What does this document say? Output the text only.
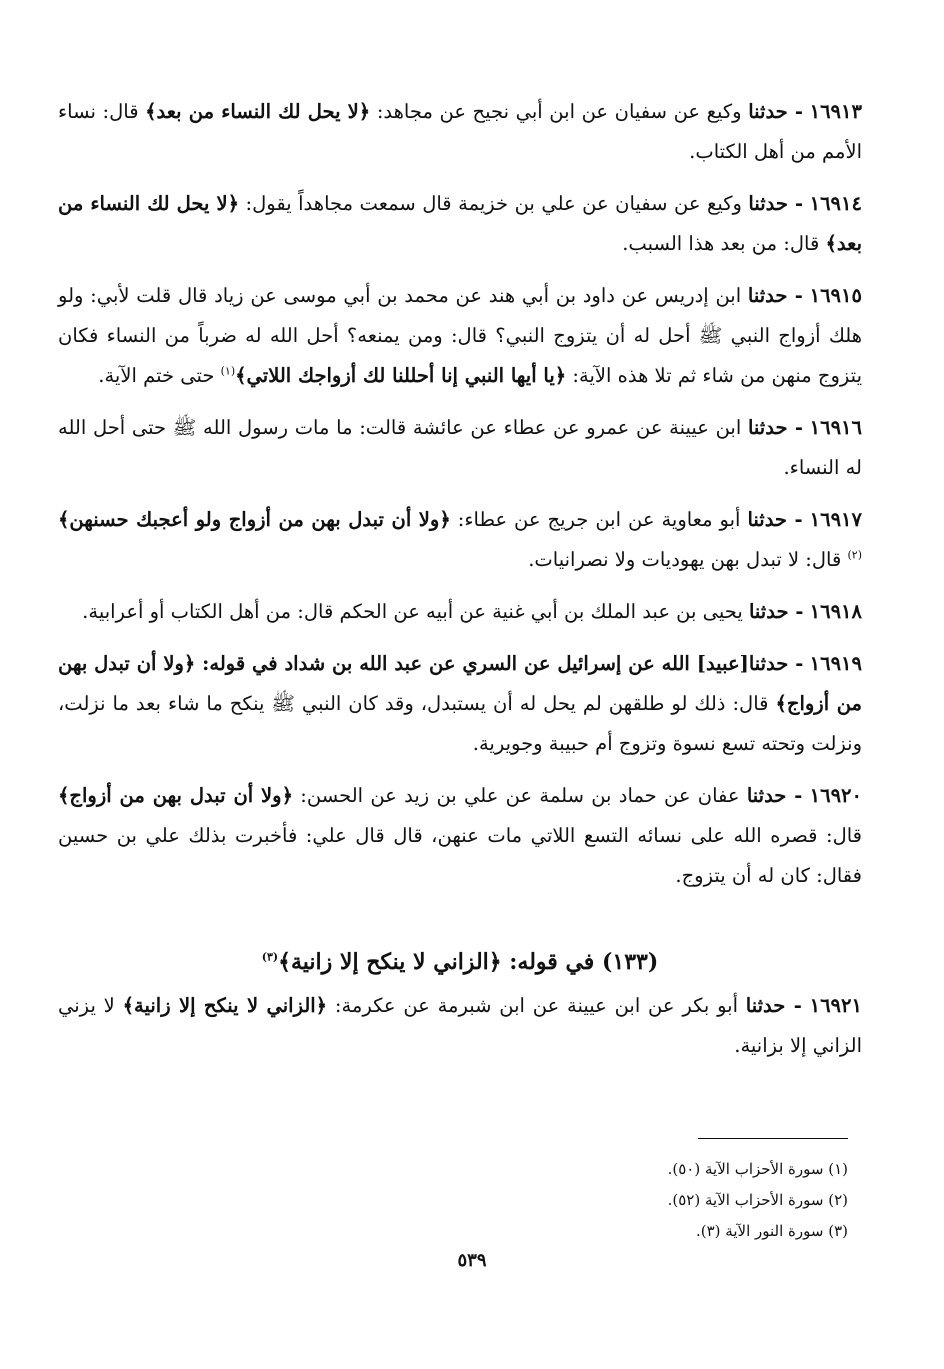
١٦٩١٣ - حدثنا وكيع عن سفيان عن ابن أبي نجيح عن مجاهد: ﴿لا يحل لك النساء من بعد﴾ قال: نساء الأمم من أهل الكتاب.

١٦٩١٤ - حدثنا وكيع عن سفيان عن علي بن خزيمة قال سمعت مجاهداً يقول: ﴿لا يحل لك النساء من بعد﴾ قال: من بعد هذا السبب.

١٦٩١٥ - حدثنا ابن إدريس عن داود بن أبي هند عن محمد بن أبي موسى عن زياد قال قلت لأبي: ولو هلك أزواج النبي ﷺ أحل له أن يتزوج النبي؟ قال: ومن يمنعه؟ أحل الله له ضرباً من النساء فكان يتزوج منهن من شاء ثم تلا هذه الآية: ﴿يا أيها النبي إنا أحللنا لك أزواجك اللاتي﴾$^{(١)}$ حتى ختم الآية.

١٦٩١٦ - حدثنا ابن عيينة عن عمرو عن عطاء عن عائشة قالت: ما مات رسول الله ﷺ حتى أحل الله له النساء.

١٦٩١٧ - حدثنا أبو معاوية عن ابن جريج عن عطاء: ﴿ولا أن تبدل بهن من أزواج ولو أعجبك حسنهن﴾$^{(٢)}$ قال: لا تبدل بهن يهوديات ولا نصرانيات.

١٦٩١٨ - حدثنا يحيى بن عبد الملك بن أبي غنية عن أبيه عن الحكم قال: من أهل الكتاب أو أعرابية.

١٦٩١٩ - حدثنا[عبيد] الله عن إسرائيل عن السري عن عبد الله بن شداد في قوله: ﴿ولا أن تبدل بهن من أزواج﴾ قال: ذلك لو طلقهن لم يحل له أن يستبدل، وقد كان النبي ﷺ ينكح ما شاء بعد ما نزلت، ونزلت وتحته تسع نسوة وتزوج أم حبيبة وجويرية.

١٦٩٢٠ - حدثنا عفان عن حماد بن سلمة عن علي بن زيد عن الحسن: ﴿ولا أن تبدل بهن من أزواج﴾ قال: قصره الله على نسائه التسع اللاتي مات عنهن، قال قال علي: فأخبرت بذلك علي بن حسين فقال: كان له أن يتزوج.

(١٣٣) في قوله: ﴿الزاني لا ينكح إلا زانية﴾$^{(٣)}$

١٦٩٢١ - حدثنا أبو بكر عن ابن عيينة عن ابن شبرمة عن عكرمة: ﴿الزاني لا ينكح إلا زانية﴾ لا يزني الزاني إلا بزانية.

(١) سورة الأحزاب الآية (٥٠).

(٢) سورة الأحزاب الآية (٥٢).

(٣) سورة النور الآية (٣).

٥٣٩
